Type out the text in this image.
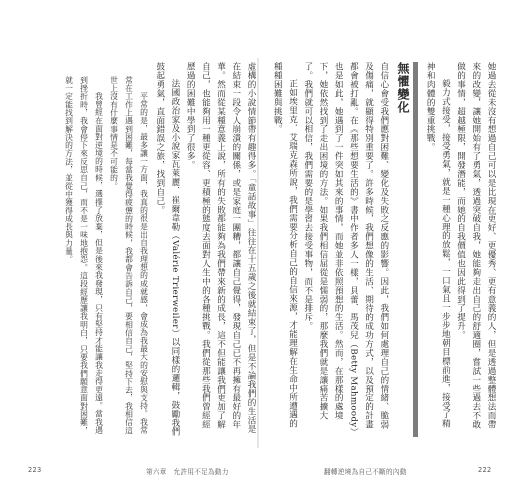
她過去從未沒有想過自己可以是比現在更好、更優秀、更有意義的人，但是透過整體想法而帶來的改變，讓她開始有了勇氣，透過突破自我，她能夠走出自己的舒適圈，嘗試一些過去不敢做的事情，超越極限，開發潛能，而她的自我價值也因此得到了提升。

毅力式接受，接受勇氣，就是一種心理的放鬆，一口氣且一步步地朝目標前進，接受了精神和肉體的雙重挑戰。

無懼變化

自信心會受我們應對困難、變化及失敗之反應的影響。因此，我們如何處理自己的情緒、脆弱及傷痛，就顯得特別重要了。許多時候，我們想像的生活、期待的成功方式，以及預定的計畫都會被打亂。在《那些想要生活的》書中作者多人一樣，貝蕾．馬茂兒（Betty Mahmoody）也是如此，她遇到了一件突如其來的事情，而她並非依照預想的生活。然而，在那樣的處境下，她依然找到了走出困境的方法。如果我們相信屈從是懦弱的，那麼我們就是讓痛苦擴大了。我們就可以相信，我們需要的是學習去接受事物，而不是排斥。

正如埃里克．艾瑞克森所說，我們需要分析自己的自信來源，才能理解在生命中所遭遇的種種困難與挑戰。

虛構的小說情節帶有趣得多。「童話故事」往往在十五歲之後就結束了，但是不論我們的生活是在結束一段令人崩潰的關係，或是家庭一團糟，都讓自己覺得，發現自己已不再擁有最好的年華。然而從某種意義上說，所有的失敗都能夠為我們帶來新的成長，這不但能讓我們更加了解自己，也能夠用一種更從容、更積極的態度去面對人生中的各種挑戰。我們從那些我們曾經經歷過的困難中學到了很多。

法國政治家及小說家瓦萊麗．崔爾韋勒（Valérie Trierweiler）以同樣的邏輯，鼓勵我們鼓起勇氣，直面錯誤之旅，找到自己。

平常的是，最多讓一方面，我真的很是出自我理想的成就感，會成為我最大的安慰與支持。我常常在工作上遇到困難，每當我覺得疲憊的時候，我都會告訴自己，要相信自己，堅持下去，我相信這世上沒有什麼事情是不可能的。

我曾經在面對逆境的時候，選擇了放棄，但是後來我發現，只有堅持才能讓我走得更遠。當我遇到挫折時，我會停下來反思自己，而不是一味地抱怨。這段經歷讓我明白，只要我們願意面對困難，就一定能找到解決的方法，並從中獲得成長與力量。

223	第六章　允許用不足為動力	翻轉逆境為自己不斷的內動	222
